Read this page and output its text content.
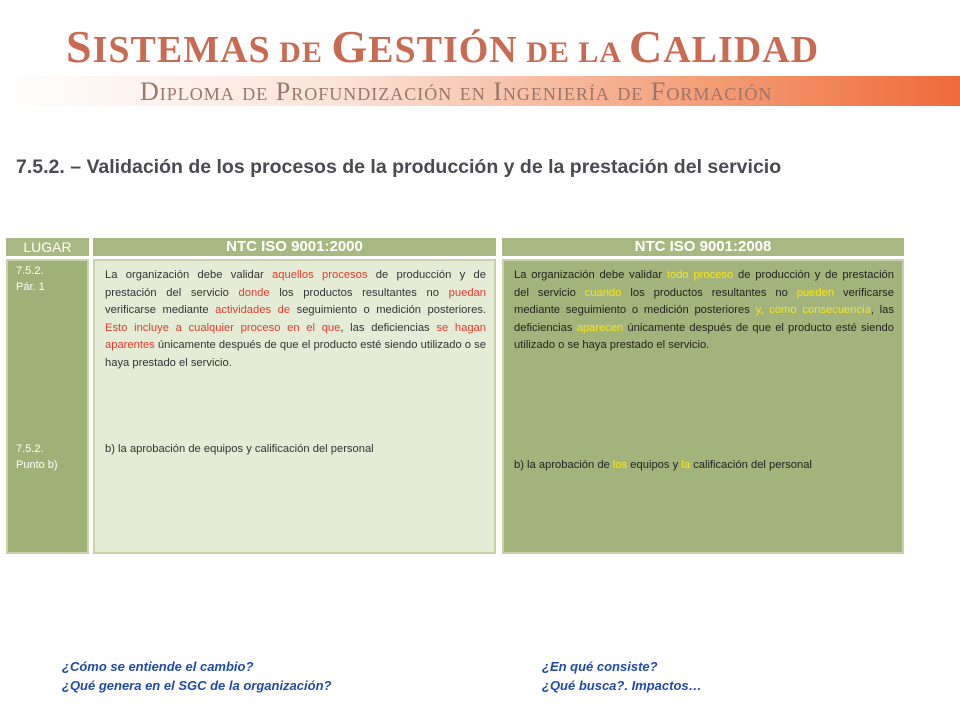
SISTEMAS DE GESTIÓN DE LA CALIDAD
Diploma de Profundización en Ingeniería de Formación
7.5.2. – Validación de los procesos de la producción y de la prestación del servicio
LUGAR	NTC ISO 9001:2000	NTC ISO 9001:2008
7.5.2.
Pár. 1
7.5.2.
Punto b)
La organización debe validar aquellos procesos de producción y de prestación del servicio donde los productos resultantes no puedan verificarse mediante actividades de seguimiento o medición posteriores. Esto incluye a cualquier proceso en el que, las deficiencias se hagan aparentes únicamente después de que el producto esté siendo utilizado o se haya prestado el servicio.
b) la aprobación de equipos y calificación del personal
La organización debe validar todo proceso de producción y de prestación del servicio cuando los productos resultantes no pueden verificarse mediante seguimiento o medición posteriores y, como consecuencia, las deficiencias aparecen únicamente después de que el producto esté siendo utilizado o se haya prestado el servicio.
b) la aprobación de los equipos y la calificación del personal
¿Cómo se entiende el cambio?
¿Qué genera en el SGC de la organización?
¿En qué consiste?
¿Qué busca?. Impactos…
